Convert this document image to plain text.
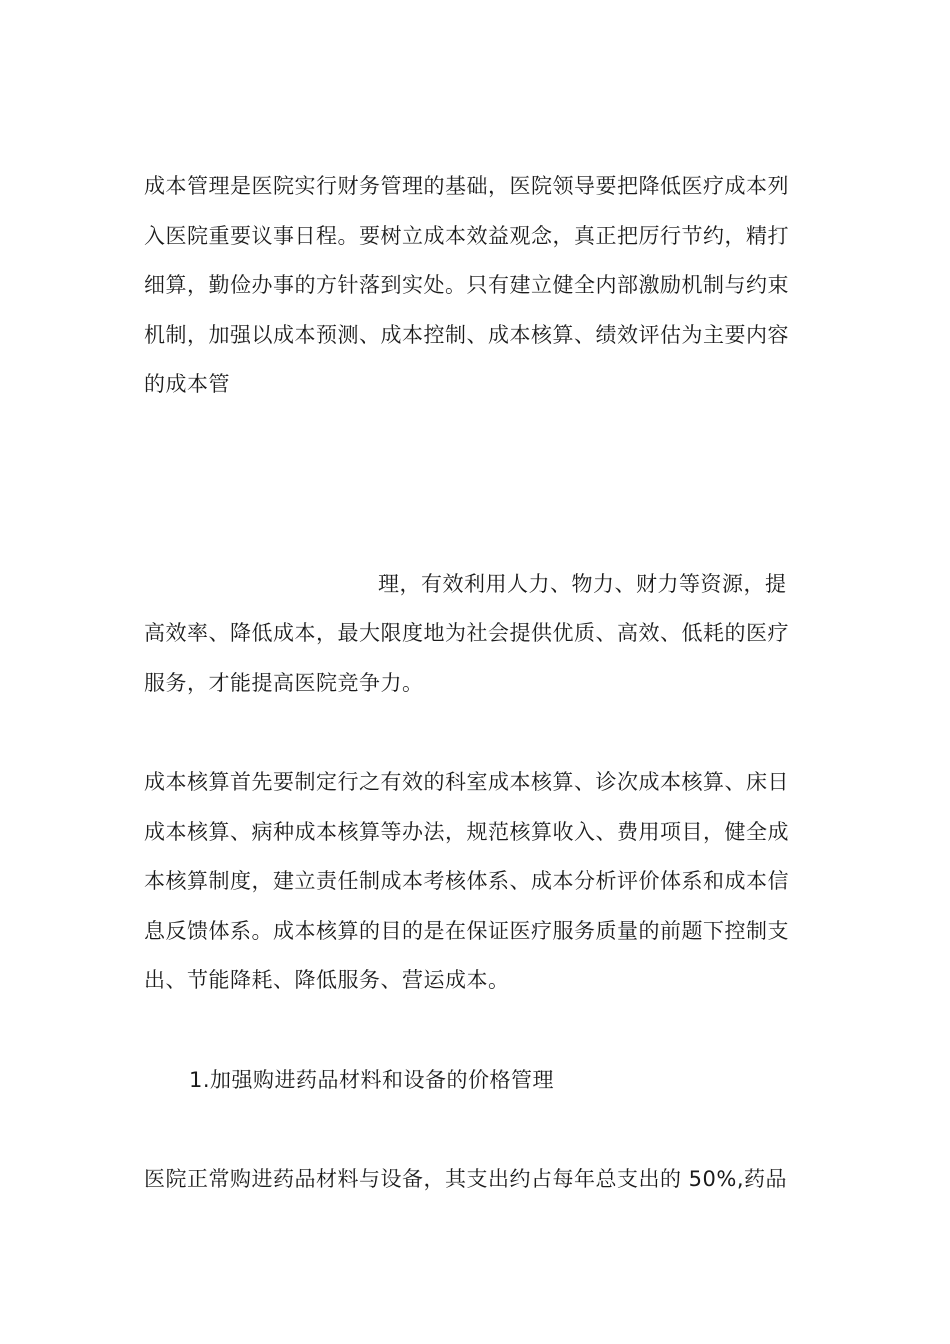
成本管理是医院实行财务管理的基础，医院领导要把降低医疗成本列
入医院重要议事日程。要树立成本效益观念，真正把厉行节约，精打
细算，勤俭办事的方针落到实处。只有建立健全内部激励机制与约束
机制，加强以成本预测、成本控制、成本核算、绩效评估为主要内容
的成本管
理，有效利用人力、物力、财力等资源，提
高效率、降低成本，最大限度地为社会提供优质、高效、低耗的医疗
服务，才能提高医院竞争力。
成本核算首先要制定行之有效的科室成本核算、诊次成本核算、床日
成本核算、病种成本核算等办法，规范核算收入、费用项目，健全成
本核算制度，建立责任制成本考核体系、成本分析评价体系和成本信
息反馈体系。成本核算的目的是在保证医疗服务质量的前题下控制支
出、节能降耗、降低服务、营运成本。
1.加强购进药品材料和设备的价格管理
医院正常购进药品材料与设备，其支出约占每年总支出的 50%,药品
